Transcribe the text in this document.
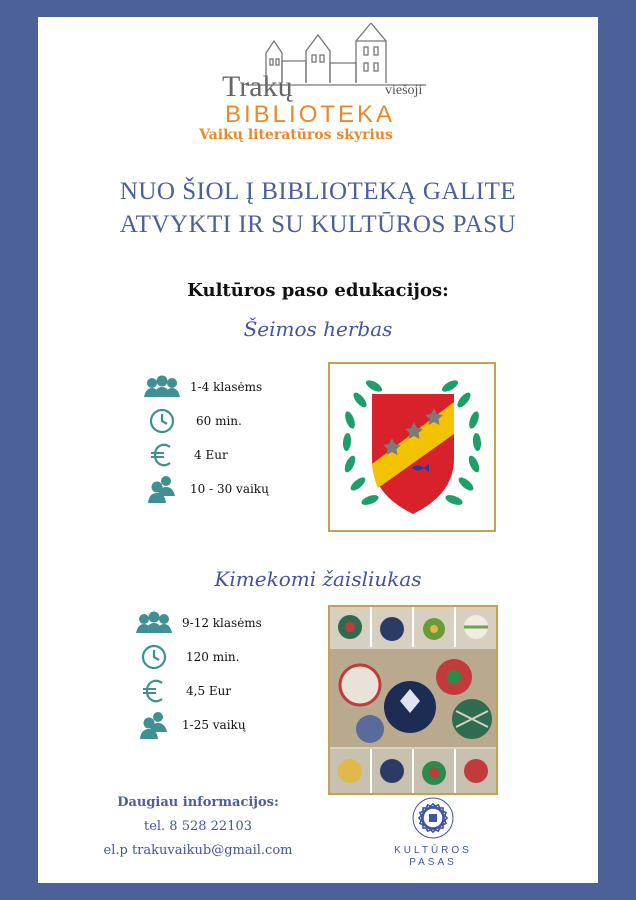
Trakų	viešoji
BIBLIOTEKA
Vaikų literatūros skyrius
NUO ŠIOL Į BIBLIOTEKĄ GALITE
ATVYKTI IR SU KULTŪROS PASU
Kultūros paso edukacijos:
Šeimos herbas
1-4 klasėms
60 min.
4 Eur
10 - 30 vaikų
Kimekomi žaisliukas
9-12 klasėms
120 min.
4,5 Eur
1-25 vaikų
Daugiau informacijos:
tel. 8 528 22103
el.p trakuvaikub@gmail.com	KULTŪROS
PASAS
